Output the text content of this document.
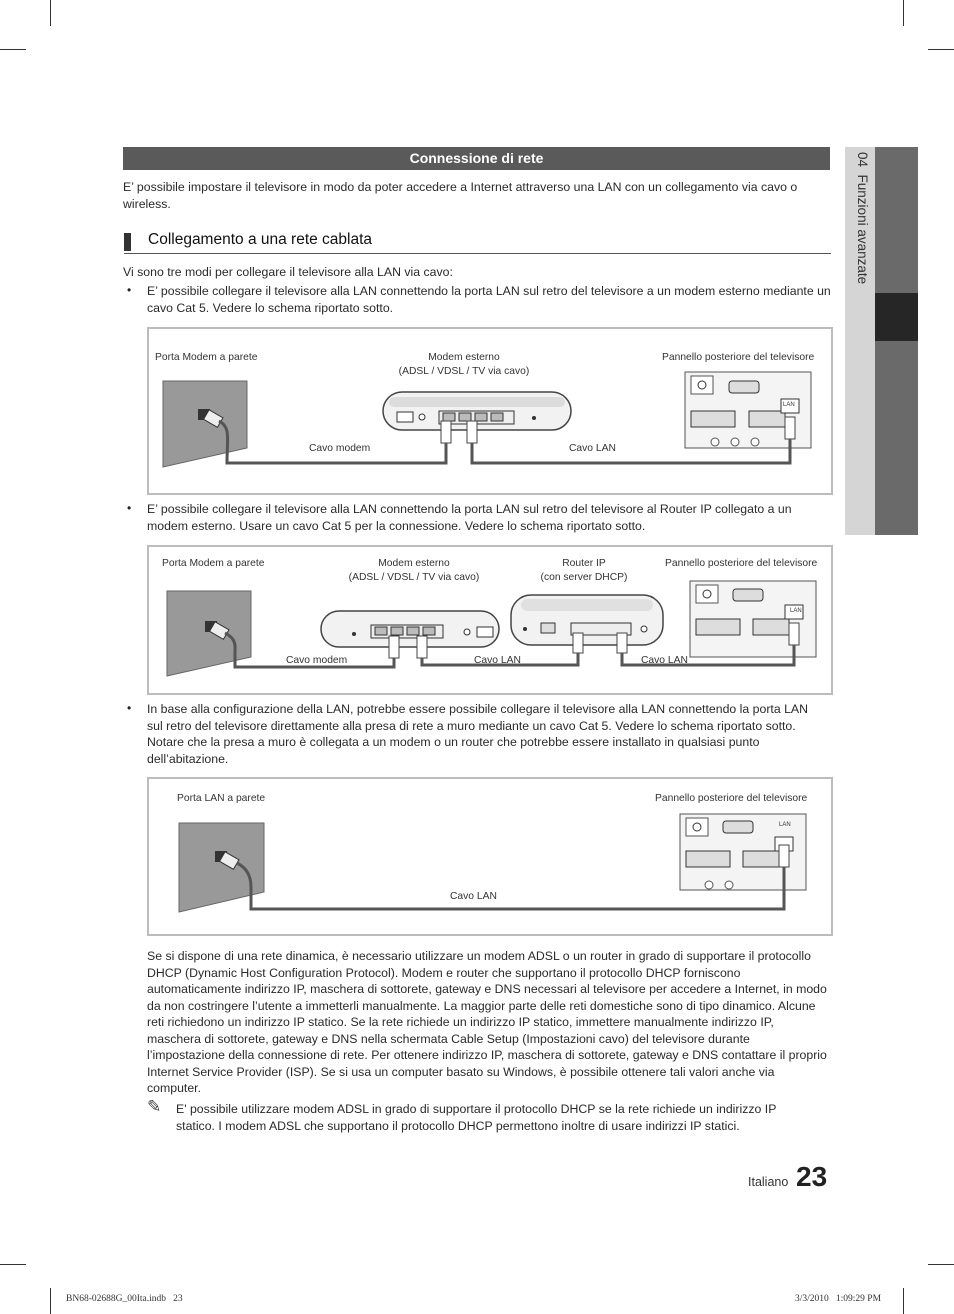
04  Funzioni avanzate
Connessione di rete
E’ possibile impostare il televisore in modo da poter accedere a Internet attraverso una LAN con un collegamento via cavo o wireless.
Collegamento a una rete cablata
Vi sono tre modi per collegare il televisore alla LAN via cavo:
• E’ possibile collegare il televisore alla LAN connettendo la porta LAN sul retro del televisore a un modem esterno mediante un cavo Cat 5. Vedere lo schema riportato sotto.
Porta Modem a parete	Modem esterno
(ADSL / VDSL / TV via cavo)
Pannello posteriore del televisore
LAN
Cavo modem	Cavo LAN
• E’ possibile collegare il televisore alla LAN connettendo la porta LAN sul retro del televisore al Router IP collegato a un modem esterno. Usare un cavo Cat 5 per la connessione. Vedere lo schema riportato sotto.
Porta Modem a parete	Modem esterno
(ADSL / VDSL / TV via cavo)
Router IP
(con server DHCP)
Pannello posteriore del televisore
LAN
Cavo modem	Cavo LAN	Cavo LAN
• In base alla configurazione della LAN, potrebbe essere possibile collegare il televisore alla LAN connettendo la porta LAN sul retro del televisore direttamente alla presa di rete a muro mediante un cavo Cat 5. Vedere lo schema riportato sotto. Notare che la presa a muro è collegata a un modem o un router che potrebbe essere installato in qualsiasi punto dell’abitazione.
Porta LAN a parete	Pannello posteriore del televisore
LAN
Cavo LAN
Se si dispone di una rete dinamica, è necessario utilizzare un modem ADSL o un router in grado di supportare il protocollo DHCP (Dynamic Host Configuration Protocol). Modem e router che supportano il protocollo DHCP forniscono automaticamente indirizzo IP, maschera di sottorete, gateway e DNS necessari al televisore per accedere a Internet, in modo da non costringere l’utente a immetterli manualmente. La maggior parte delle reti domestiche sono di tipo dinamico. Alcune reti richiedono un indirizzo IP statico. Se la rete richiede un indirizzo IP statico, immettere manualmente indirizzo IP, maschera di sottorete, gateway e DNS nella schermata Cable Setup (Impostazioni cavo) del televisore durante l’impostazione della connessione di rete. Per ottenere indirizzo IP, maschera di sottorete, gateway e DNS contattare il proprio Internet Service Provider (ISP). Se si usa un computer basato su Windows, è possibile ottenere tali valori anche via computer.
✎ E' possibile utilizzare modem ADSL in grado di supportare il protocollo DHCP se la rete richiede un indirizzo IP statico. I modem ADSL che supportano il protocollo DHCP permettono inoltre di usare indirizzi IP statici.
Italiano 23
BN68-02688G_00Ita.indb   23	3/3/2010   1:09:29 PM
